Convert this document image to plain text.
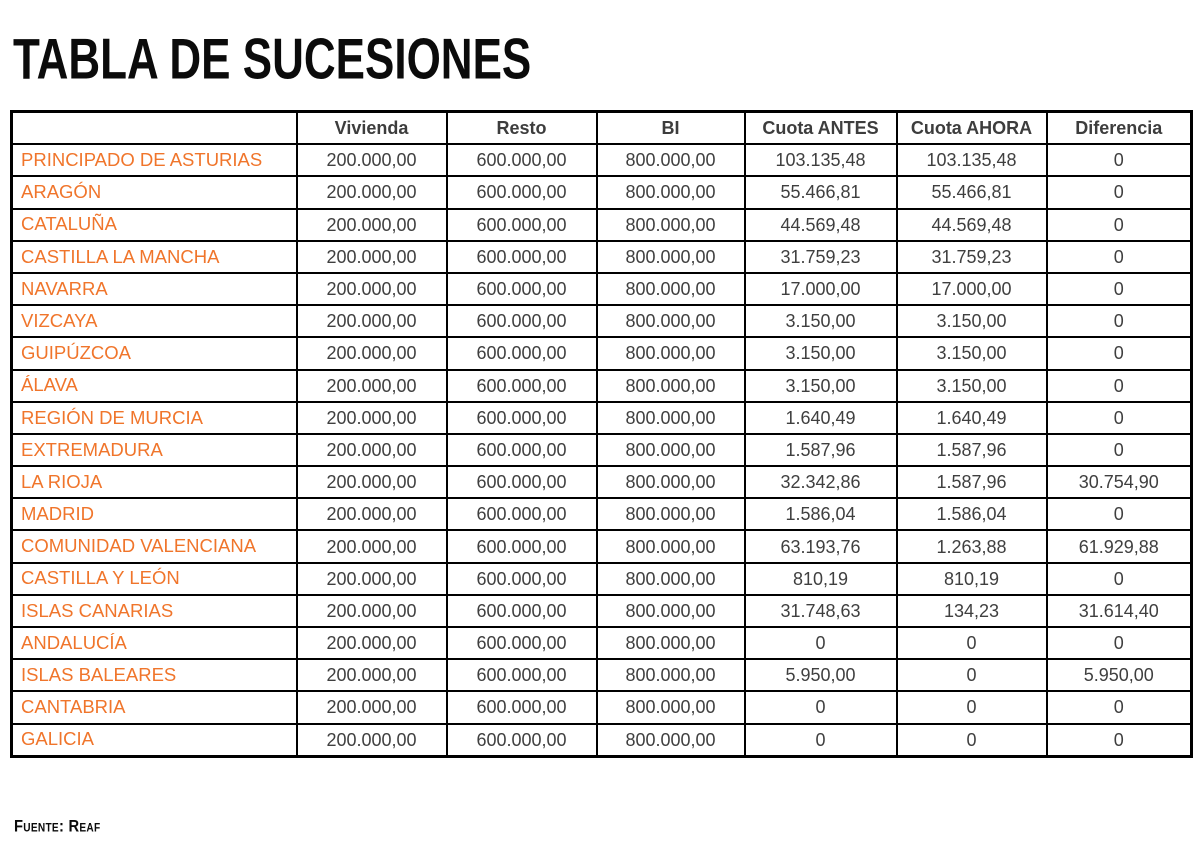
TABLA DE SUCESIONES
	Vivienda	Resto	BI	Cuota ANTES	Cuota AHORA	Diferencia
PRINCIPADO DE ASTURIAS	200.000,00	600.000,00	800.000,00	103.135,48	103.135,48	0
ARAGÓN	200.000,00	600.000,00	800.000,00	55.466,81	55.466,81	0
CATALUÑA	200.000,00	600.000,00	800.000,00	44.569,48	44.569,48	0
CASTILLA LA MANCHA	200.000,00	600.000,00	800.000,00	31.759,23	31.759,23	0
NAVARRA	200.000,00	600.000,00	800.000,00	17.000,00	17.000,00	0
VIZCAYA	200.000,00	600.000,00	800.000,00	3.150,00	3.150,00	0
GUIPÚZCOA	200.000,00	600.000,00	800.000,00	3.150,00	3.150,00	0
ÁLAVA	200.000,00	600.000,00	800.000,00	3.150,00	3.150,00	0
REGIÓN DE MURCIA	200.000,00	600.000,00	800.000,00	1.640,49	1.640,49	0
EXTREMADURA	200.000,00	600.000,00	800.000,00	1.587,96	1.587,96	0
LA RIOJA	200.000,00	600.000,00	800.000,00	32.342,86	1.587,96	30.754,90
MADRID	200.000,00	600.000,00	800.000,00	1.586,04	1.586,04	0
COMUNIDAD VALENCIANA	200.000,00	600.000,00	800.000,00	63.193,76	1.263,88	61.929,88
CASTILLA Y LEÓN	200.000,00	600.000,00	800.000,00	810,19	810,19	0
ISLAS CANARIAS	200.000,00	600.000,00	800.000,00	31.748,63	134,23	31.614,40
ANDALUCÍA	200.000,00	600.000,00	800.000,00	0	0	0
ISLAS BALEARES	200.000,00	600.000,00	800.000,00	5.950,00	0	5.950,00
CANTABRIA	200.000,00	600.000,00	800.000,00	0	0	0
GALICIA	200.000,00	600.000,00	800.000,00	0	0	0
Fuente: Reaf
